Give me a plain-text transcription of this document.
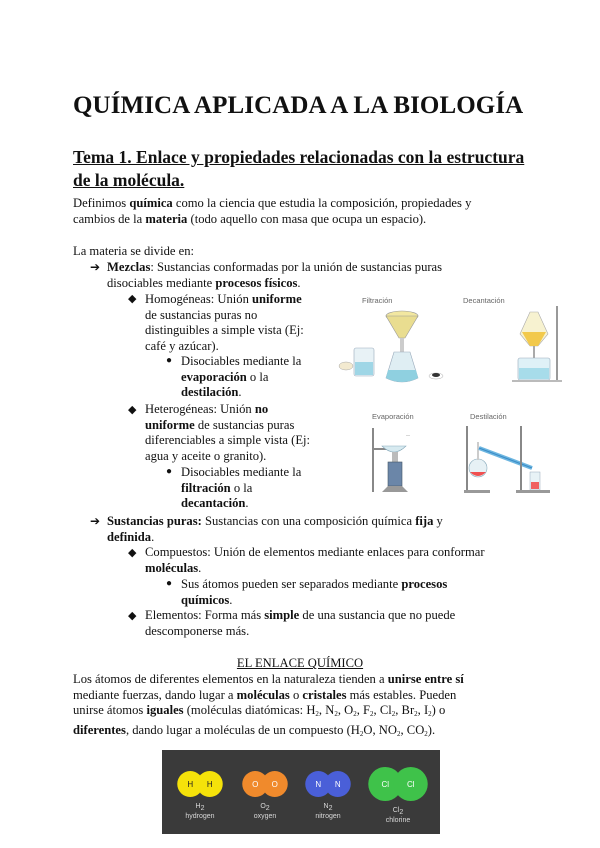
QUÍMICA APLICADA A LA BIOLOGÍA
Tema 1. Enlace y propiedades relacionadas con la estructura de la molécula.
Definimos química como la ciencia que estudia la composición, propiedades y
cambios de la materia (todo aquello con masa que ocupa un espacio).
La materia se divide en:
➔ Mezclas: Sustancias conformadas por la unión de sustancias puras
disociables mediante procesos físicos.
◆ Homogéneas: Unión uniforme
de sustancias puras no
distinguibles a simple vista (Ej:
café y azúcar).
● Disociables mediante la
evaporación o la
destilación.
◆ Heterogéneas: Unión no
uniforme de sustancias puras
diferenciables a simple vista (Ej:
agua y aceite o granito).
● Disociables mediante la
filtración o la
decantación.
Filtración	Decantación
Evaporación	Destilación
—
➔ Sustancias puras: Sustancias con una composición química fija y
definida.
◆ Compuestos: Unión de elementos mediante enlaces para conformar
moléculas.
● Sus átomos pueden ser separados mediante procesos
químicos.
◆ Elementos: Forma más simple de una sustancia que no puede
descomponerse más.
EL ENLACE QUÍMICO
Los átomos de diferentes elementos en la naturaleza tienden a unirse entre sí
mediante fuerzas, dando lugar a moléculas o cristales más estables. Pueden
unirse átomos iguales (moléculas diatómicas: $H_2$, $N_2$, $O_2$, $F_2$, $Cl_2$, $Br_2$, $I_2$) o
diferentes, dando lugar a moléculas de un compuesto ($H_2O$, $NO_2$, $CO_2$).
H H	O O	N N	Cl Cl
$H_2$
hydrogen
$O_2$
oxygen
$N_2$
nitrogen
$Cl_2$
chlorine
